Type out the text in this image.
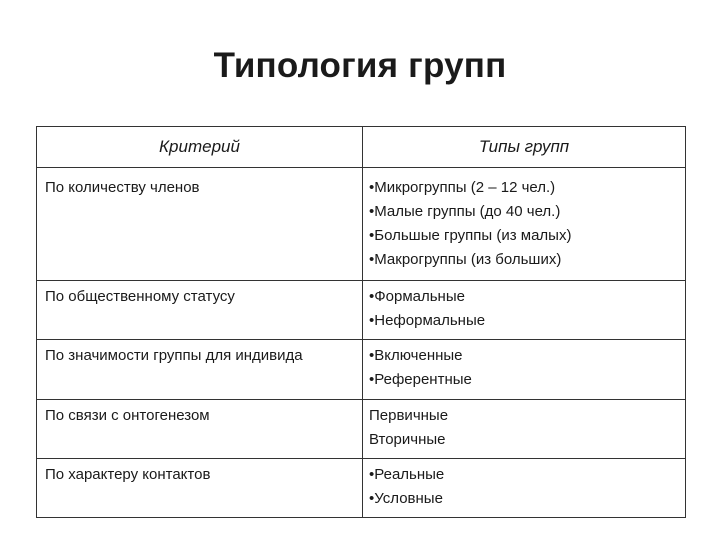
Типология групп
Критерий	Типы групп
По количеству членов	•Микрогруппы (2 – 12 чел.)
•Малые группы (до 40 чел.)
•Большые группы (из малых)
•Макрогруппы (из больших)

По общественному статусу	•Формальные
•Неформальные

По значимости группы для индивида	•Включенные
•Референтные

По связи с онтогенезом	Первичные
Вторичные

По характеру контактов	•Реальные
•Условные
